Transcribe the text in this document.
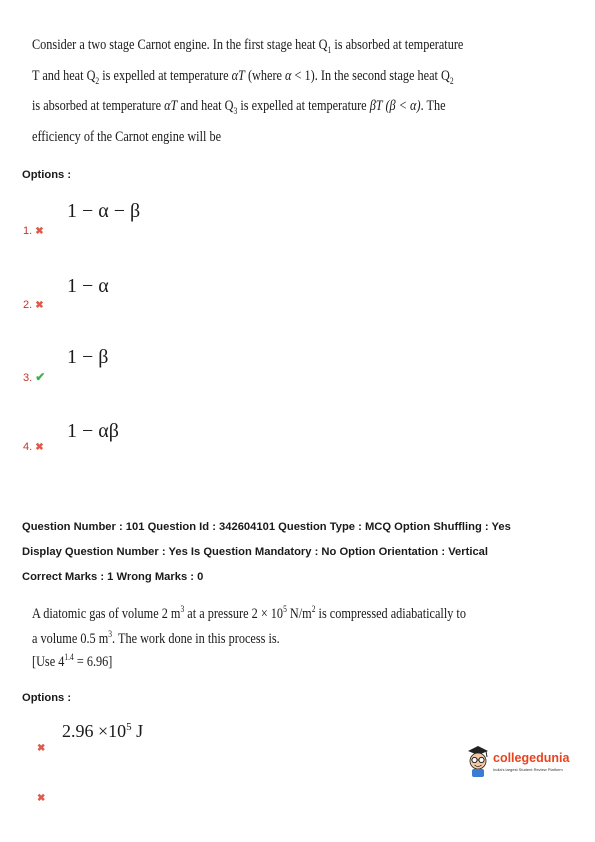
Consider a two stage Carnot engine. In the first stage heat $Q_1$ is absorbed at temperature
T and heat $Q_2$ is expelled at temperature αT (where α < 1). In the second stage heat $Q_2$
is absorbed at temperature αT and heat $Q_3$ is expelled at temperature βT (β < α). The
efficiency of the Carnot engine will be
Options :
1 − α − β
1. ✖
1 − α
2. ✖
1 − β
3. ✔
1 − αβ
4. ✖
Question Number : 101 Question Id : 342604101 Question Type : MCQ Option Shuffling : Yes
Display Question Number : Yes Is Question Mandatory : No Option Orientation : Vertical
Correct Marks : 1 Wrong Marks : 0
A diatomic gas of volume 2 $m^3$ at a pressure $2 \times 10^5$ $N/m^2$ is compressed adiabatically to
a volume 0.5 $m^3$. The work done in this process is.
[Use $4^{1.4} = 6.96$]
Options :
$2.96 \times 10^5$ J
✖
✖
collegedunia
India's largest Student Review Platform
